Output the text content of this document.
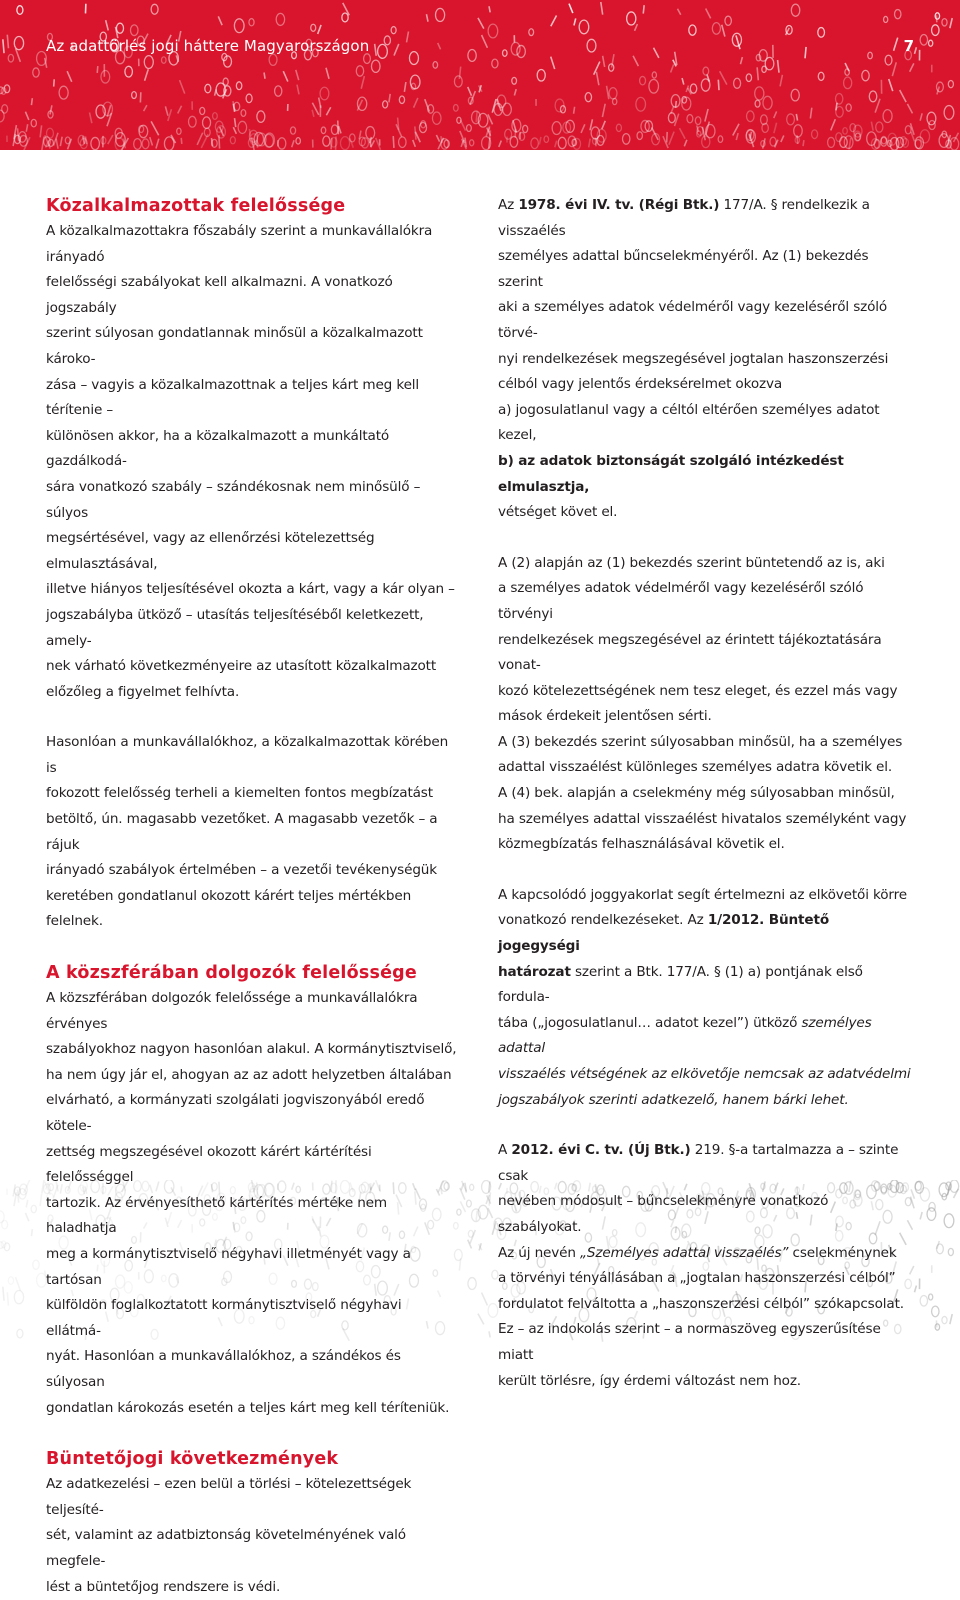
Az adattörlés jogi háttere Magyarországon	7
Közalkalmazottak felelőssége

A közalkalmazottakra főszabály szerint a munkavállalókra irányadó
felelősségi szabályokat kell alkalmazni. A vonatkozó jogszabály
szerint súlyosan gondatlannak minősül a közalkalmazott károko-
zása – vagyis a közalkalmazottnak a teljes kárt meg kell térítenie –
különösen akkor, ha a közalkalmazott a munkáltató gazdálkodá-
sára vonatkozó szabály – szándékosnak nem minősülő – súlyos
megsértésével, vagy az ellenőrzési kötelezettség elmulasztásával,
illetve hiányos teljesítésével okozta a kárt, vagy a kár olyan –
jogszabályba ütköző – utasítás teljesítéséből keletkezett, amely-
nek várható következményeire az utasított közalkalmazott
előzőleg a figyelmet felhívta.

Hasonlóan a munkavállalókhoz, a közalkalmazottak körében is
fokozott felelősség terheli a kiemelten fontos megbízatást
betöltő, ún. magasabb vezetőket. A magasabb vezetők – a rájuk
irányadó szabályok értelmében – a vezetői tevékenységük
keretében gondatlanul okozott kárért teljes mértékben felelnek.

A közszférában dolgozók felelőssége

A közszférában dolgozók felelőssége a munkavállalókra érvényes
szabályokhoz nagyon hasonlóan alakul. A kormánytisztviselő,
ha nem úgy jár el, ahogyan az az adott helyzetben általában
elvárható, a kormányzati szolgálati jogviszonyából eredő kötele-
zettség megszegésével okozott kárért kártérítési felelősséggel
tartozik. Az érvényesíthető kártérítés mértéke nem haladhatja
meg a kormánytisztviselő négyhavi illetményét vagy a tartósan
külföldön foglalkoztatott kormánytisztviselő négyhavi ellátmá-
nyát. Hasonlóan a munkavállalókhoz, a szándékos és súlyosan
gondatlan károkozás esetén a teljes kárt meg kell téríteniük.

Büntetőjogi következmények

Az adatkezelési – ezen belül a törlési – kötelezettségek teljesíté-
sét, valamint az adatbiztonság követelményének való megfele-
lést a büntetőjog rendszere is védi.

Az 1978. évi IV. tv. (Régi Btk.) 177/A. § rendelkezik a visszaélés
személyes adattal bűncselekményéről. Az (1) bekezdés szerint
aki a személyes adatok védelméről vagy kezeléséről szóló törvé-
nyi rendelkezések megszegésével jogtalan haszonszerzési
célból vagy jelentős érdeksérelmet okozva
a) jogosulatlanul vagy a céltól eltérően személyes adatot kezel,
b) az adatok biztonságát szolgáló intézkedést elmulasztja,
vétséget követ el.

A (2) alapján az (1) bekezdés szerint büntetendő az is, aki
a személyes adatok védelméről vagy kezeléséről szóló törvényi
rendelkezések megszegésével az érintett tájékoztatására vonat-
kozó kötelezettségének nem tesz eleget, és ezzel más vagy
mások érdekeit jelentősen sérti.

A (3) bekezdés szerint súlyosabban minősül, ha a személyes
adattal visszaélést különleges személyes adatra követik el.

A (4) bek. alapján a cselekmény még súlyosabban minősül,
ha személyes adattal visszaélést hivatalos személyként vagy
közmegbízatás felhasználásával követik el.

A kapcsolódó joggyakorlat segít értelmezni az elkövetői körre
vonatkozó rendelkezéseket. Az 1/2012. Büntető jogegységi
határozat szerint a Btk. 177/A. § (1) a) pontjának első fordula-
tába („jogosulatlanul… adatot kezel”) ütköző személyes adattal
visszaélés vétségének az elkövetője nemcsak az adatvédelmi
jogszabályok szerinti adatkezelő, hanem bárki lehet.

A 2012. évi C. tv. (Új Btk.) 219. §-a tartalmazza a – szinte csak
nevében módosult – bűncselekményre vonatkozó szabályokat.
Az új nevén „Személyes adattal visszaélés” cselekménynek
a törvényi tényállásában a „jogtalan haszonszerzési célból”
fordulatot felváltotta a „haszonszerzési célból” szókapcsolat.
Ez – az indokolás szerint – a normaszöveg egyszerűsítése miatt
került törlésre, így érdemi változást nem hoz.
